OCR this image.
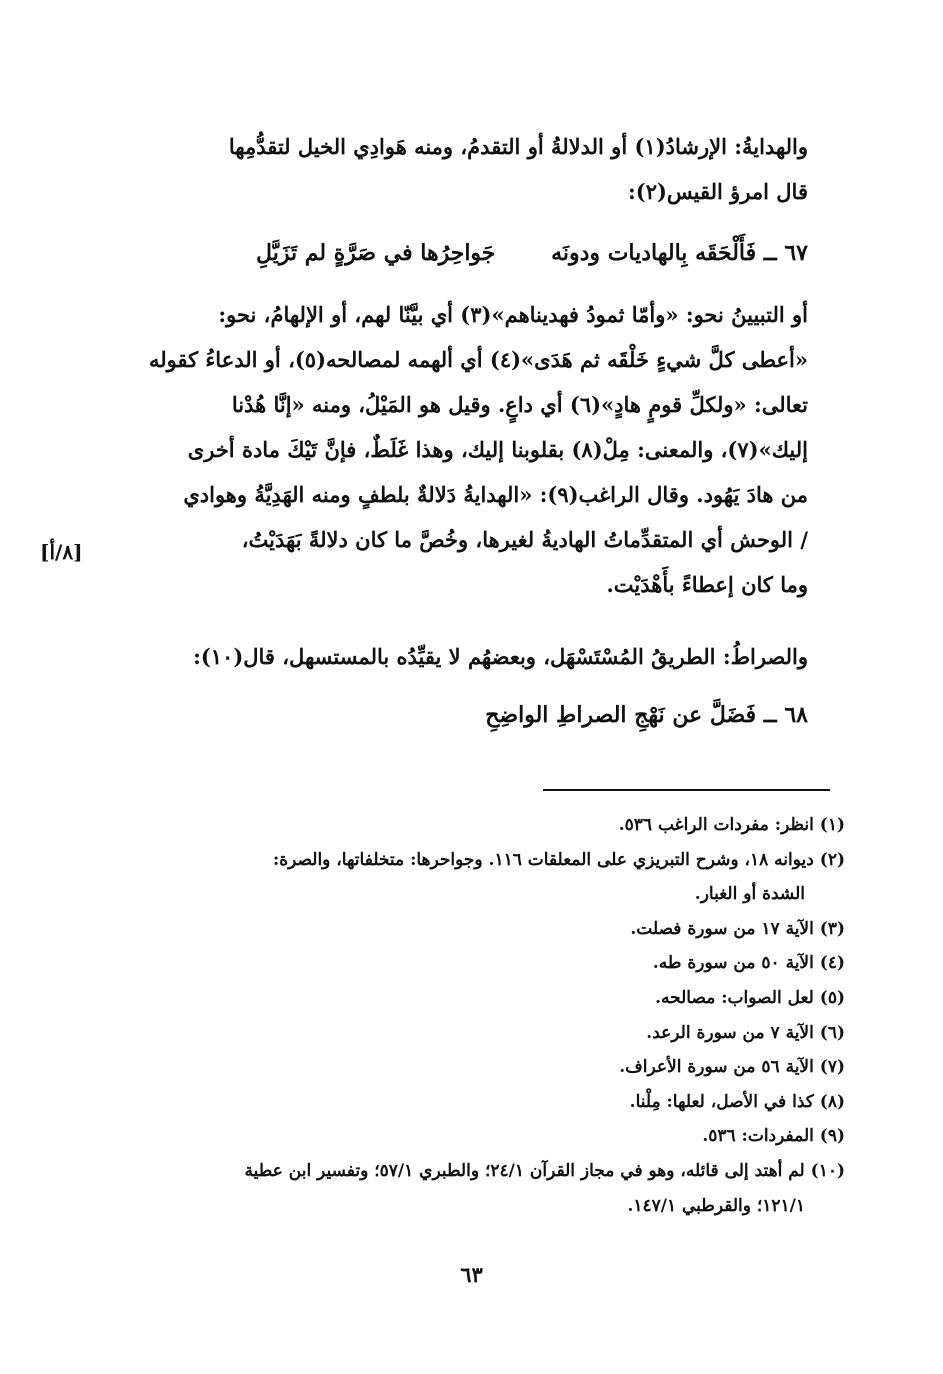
والهدايةُ: الإرشادُ(١) أو الدلالةُ أو التقدمُ، ومنه هَوادِي الخيل لتقدُّمِها
قال امرؤ القيس(٢):
٦٧ ــ فَأَلْحَقَه بِالهاديات ودونَه جَواحِرُها في صَرَّةٍ لم تَزَيَّلِ
أو التبيينُ نحو: «وأمّا ثمودُ فهديناهم»(٣) أي بيَّنّا لهم، أو الإلهامُ، نحو:
«أعطى كلَّ شيءٍ خَلْقَه ثم هَدَى»(٤) أي ألهمه لمصالحه(٥)، أو الدعاءُ كقوله
تعالى: «ولكلِّ قومٍ هادٍ»(٦) أي داعٍ. وقيل هو المَيْلُ، ومنه «إنَّا هُدْنا
إليك»(٧)، والمعنى: مِلْ(٨) بقلوبنا إليك، وهذا غَلَطٌ، فإنَّ تَيْكَ مادة أخرى
من هادَ يَهُود. وقال الراغب(٩): «الهدايةُ دَلالةٌ بلطفٍ ومنه الهَدِيَّةُ وهوادي
/ الوحش أي المتقدِّماتُ الهاديةُ لغيرها، وخُصَّ ما كان دلالةً بَهَدَيْتُ،
وما كان إعطاءً بأَهْدَيْت.
[٨/أ]
والصراطُ: الطريقُ المُسْتَسْهَل، وبعضهُم لا يقيِّدُه بالمستسهل، قال(١٠):
٦٨ ــ فَضَلَّ عن نَهْجِ الصراطِ الواضِحِ
(١) انظر: مفردات الراغب ٥٣٦.
(٢) ديوانه ١٨، وشرح التبريزي على المعلقات ١١٦. وجواحرها: متخلفاتها، والصرة:
الشدة أو الغبار.
(٣) الآية ١٧ من سورة فصلت.
(٤) الآية ٥٠ من سورة طه.
(٥) لعل الصواب: مصالحه.
(٦) الآية ٧ من سورة الرعد.
(٧) الآية ٥٦ من سورة الأعراف.
(٨) كذا في الأصل، لعلها: مِلْنا.
(٩) المفردات: ٥٣٦.
(١٠) لم أهتد إلى قائله، وهو في مجاز القرآن ٢٤/١؛ والطبري ٥٧/١؛ وتفسير ابن عطية
١٢١/١؛ والقرطبي ١٤٧/١.
٦٣
